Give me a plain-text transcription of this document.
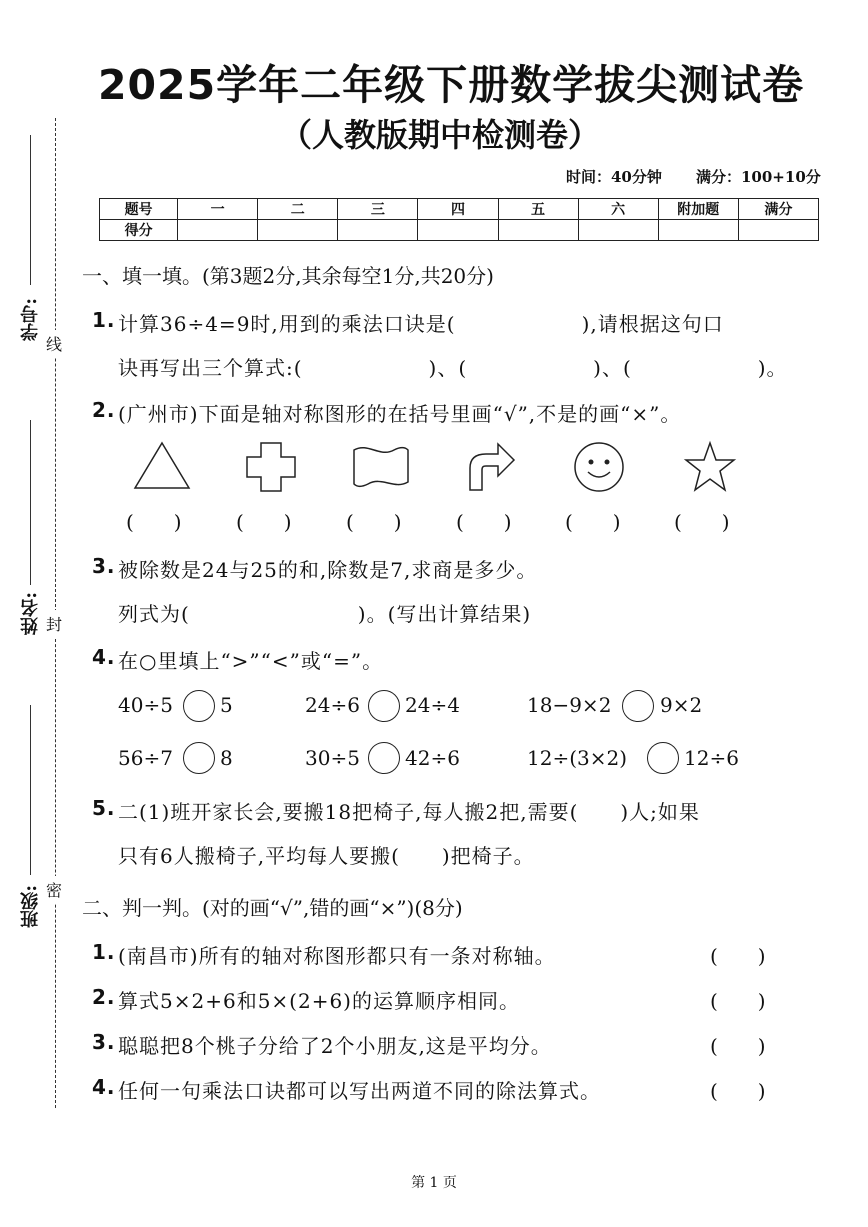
2025学年二年级下册数学拔尖测试卷
（人教版期中检测卷）
时间：40分钟 满分：100+10分
题号	一	二	三	四	五	六	附加题	满分
得分								
学号:
姓名:
班级:
线
封
密
一、填一填。(第3题2分,其余每空1分,共20分)
1. 计算36÷4=9时,用到的乘法口诀是(　　　　　　),请根据这句口
诀再写出三个算式:(　　　　　　)、(　　　　　　)、(　　　　　　)。
2. (广州市)下面是轴对称图形的在括号里画“√”,不是的画“×”。
(　　)	(　　)	(　　)	(　　)	(　　)	(　　)
3. 被除数是24与25的和,除数是7,求商是多少。
列式为(　　　　　　　　)。(写出计算结果)
4. 在○里填上“>”“<”或“=”。
40÷5 5	24÷6 24÷4	18−9×2 9×2
56÷7 8	30÷5 42÷6	12÷(3×2)	12÷6
5. 二(1)班开家长会,要搬18把椅子,每人搬2把,需要(　　)人;如果
只有6人搬椅子,平均每人要搬(　　)把椅子。
二、判一判。(对的画“√”,错的画“×”)(8分)
1. (南昌市)所有的轴对称图形都只有一条对称轴。	(　　)
2. 算式5×2+6和5×(2+6)的运算顺序相同。	(　　)
3. 聪聪把8个桃子分给了2个小朋友,这是平均分。	(　　)
4. 任何一句乘法口诀都可以写出两道不同的除法算式。	(　　)
第 1 页
